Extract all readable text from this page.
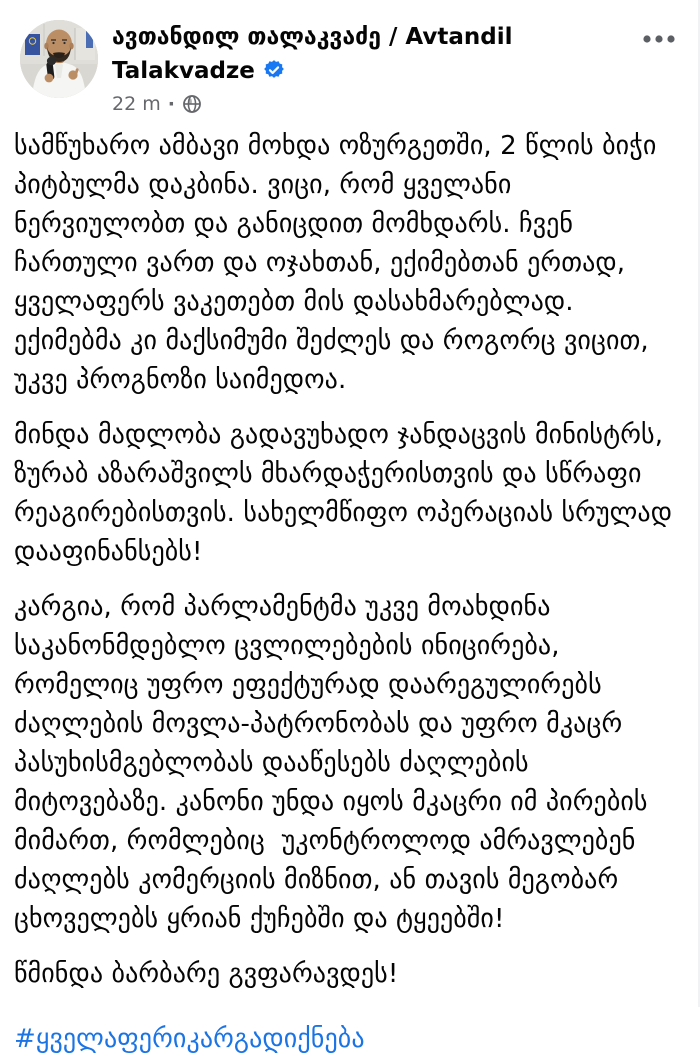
ავთანდილ თალაკვაძე / Avtandil Talakvadze
22 m ·

სამწუხარო ამბავი მოხდა ოზურგეთში, 2 წლის ბიჭი პიტბულმა დაკბინა. ვიცი, რომ ყველანი ნერვიულობთ და განიცდით მომხდარს. ჩვენ ჩართული ვართ და ოჯახთან, ექიმებთან ერთად, ყველაფერს ვაკეთებთ მის დასახმარებლად. ექიმებმა კი მაქსიმუმი შეძლეს და როგორც ვიცით, უკვე პროგნოზი საიმედოა.

მინდა მადლობა გადავუხადო ჯანდაცვის მინისტრს, ზურაბ აზარაშვილს მხარდაჭერისთვის და სწრაფი რეაგირებისთვის. სახელმწიფო ოპერაციას სრულად დააფინანსებს!

კარგია, რომ პარლამენტმა უკვე მოახდინა საკანონმდებლო ცვლილებების ინიცირება, რომელიც უფრო ეფექტურად დაარეგულირებს ძაღლების მოვლა-პატრონობას და უფრო მკაცრ პასუხისმგებლობას დააწესებს ძაღლების მიტოვებაზე. კანონი უნდა იყოს მკაცრი იმ პირების მიმართ, რომლებიც  უკონტროლოდ ამრავლებენ ძაღლებს კომერციის მიზნით, ან თავის მეგობარ ცხოველებს ყრიან ქუჩებში და ტყეებში!

წმინდა ბარბარე გვფარავდეს!

#ყველაფერიკარგადიქნება
